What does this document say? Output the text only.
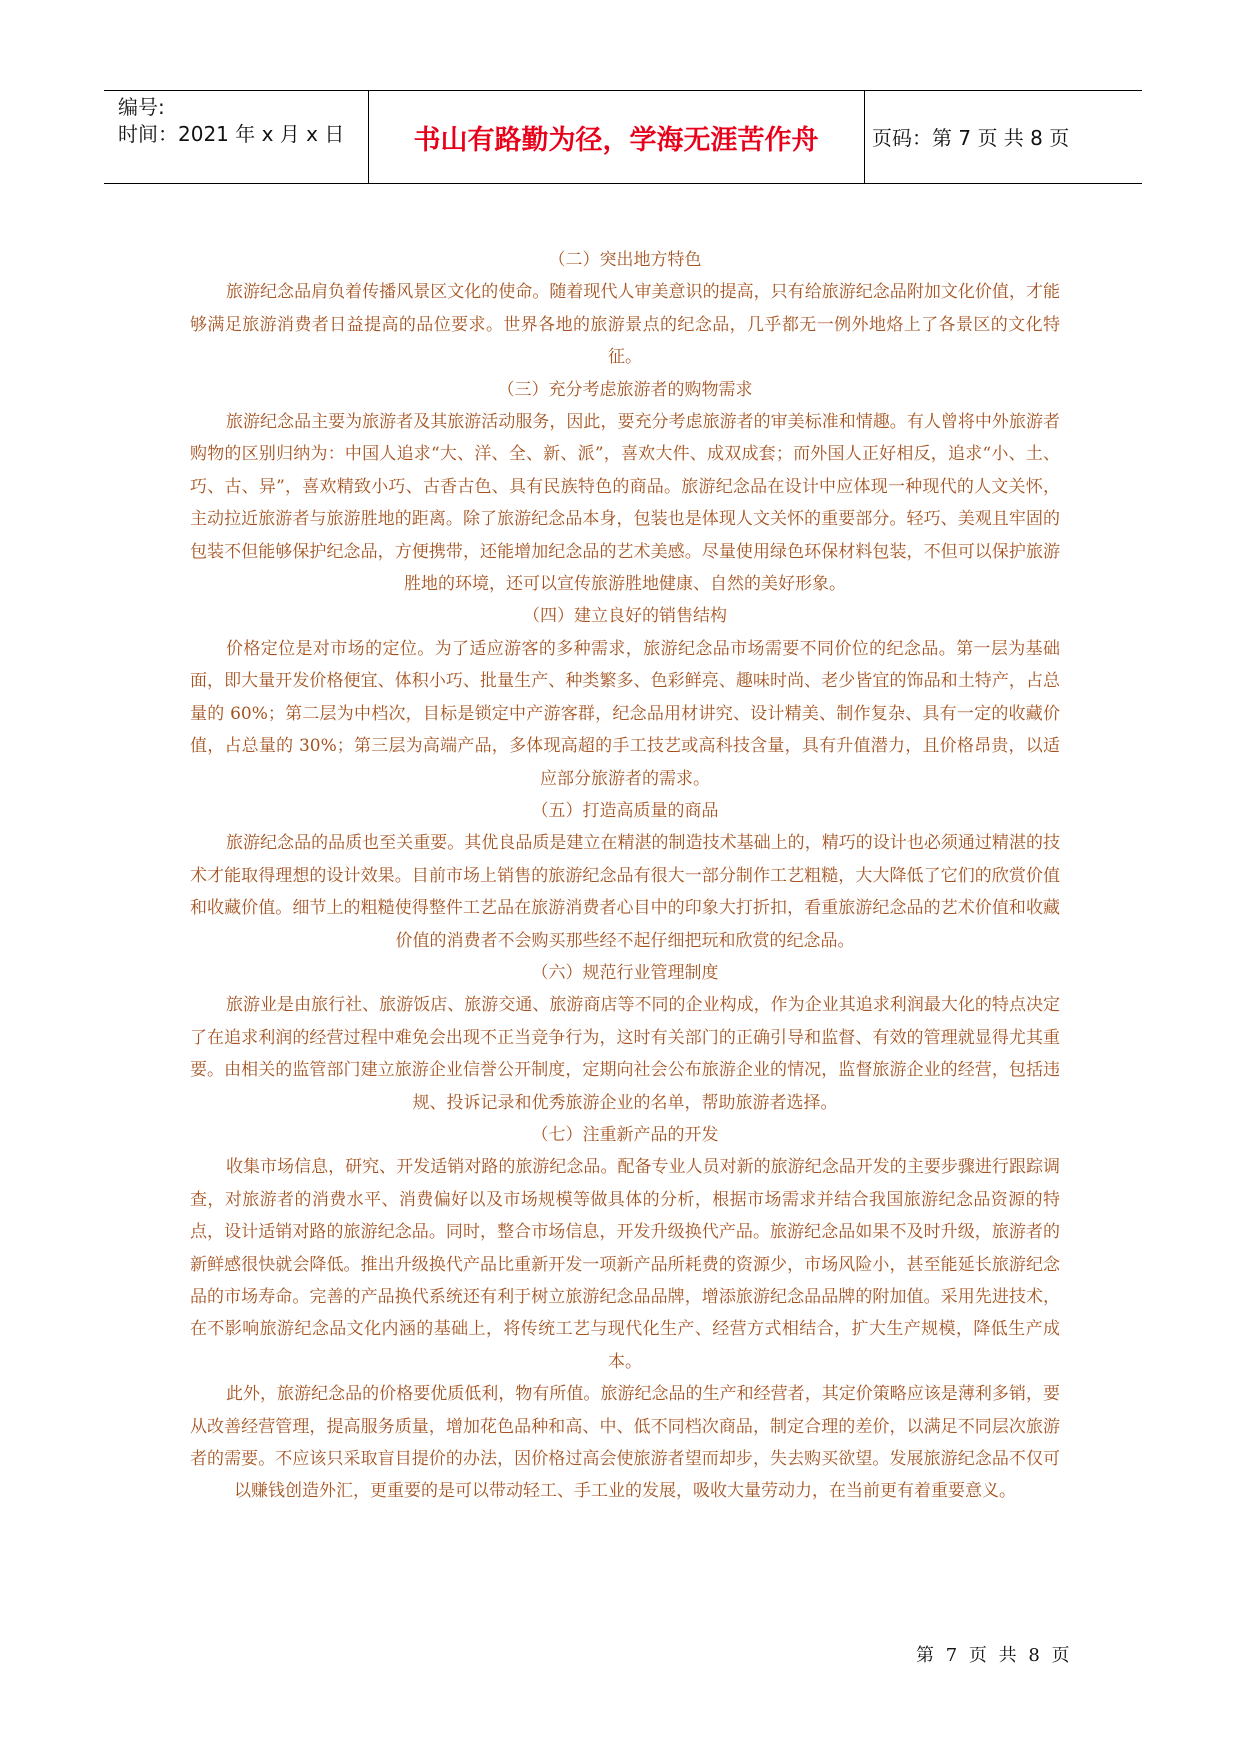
编号:
时间：2021 年 x 月 x 日	书山有路勤为径，学海无涯苦作舟	页码：第 7 页 共 8 页

（二）突出地方特色

旅游纪念品肩负着传播风景区文化的使命。随着现代人审美意识的提高，只有给旅游纪念品附加文化价值，才能够满足旅游消费者日益提高的品位要求。世界各地的旅游景点的纪念品，几乎都无一例外地烙上了各景区的文化特征。

（三）充分考虑旅游者的购物需求

旅游纪念品主要为旅游者及其旅游活动服务，因此，要充分考虑旅游者的审美标准和情趣。有人曾将中外旅游者购物的区别归纳为：中国人追求“大、洋、全、新、派”，喜欢大件、成双成套；而外国人正好相反，追求“小、土、巧、古、异”，喜欢精致小巧、古香古色、具有民族特色的商品。旅游纪念品在设计中应体现一种现代的人文关怀，主动拉近旅游者与旅游胜地的距离。除了旅游纪念品本身，包装也是体现人文关怀的重要部分。轻巧、美观且牢固的包装不但能够保护纪念品，方便携带，还能增加纪念品的艺术美感。尽量使用绿色环保材料包装，不但可以保护旅游胜地的环境，还可以宣传旅游胜地健康、自然的美好形象。

（四）建立良好的销售结构

价格定位是对市场的定位。为了适应游客的多种需求，旅游纪念品市场需要不同价位的纪念品。第一层为基础面，即大量开发价格便宜、体积小巧、批量生产、种类繁多、色彩鲜亮、趣味时尚、老少皆宜的饰品和土特产，占总量的 60%；第二层为中档次，目标是锁定中产游客群，纪念品用材讲究、设计精美、制作复杂、具有一定的收藏价值，占总量的 30%；第三层为高端产品，多体现高超的手工技艺或高科技含量，具有升值潜力，且价格昂贵，以适应部分旅游者的需求。

（五）打造高质量的商品

旅游纪念品的品质也至关重要。其优良品质是建立在精湛的制造技术基础上的，精巧的设计也必须通过精湛的技术才能取得理想的设计效果。目前市场上销售的旅游纪念品有很大一部分制作工艺粗糙，大大降低了它们的欣赏价值和收藏价值。细节上的粗糙使得整件工艺品在旅游消费者心目中的印象大打折扣，看重旅游纪念品的艺术价值和收藏价值的消费者不会购买那些经不起仔细把玩和欣赏的纪念品。

（六）规范行业管理制度

旅游业是由旅行社、旅游饭店、旅游交通、旅游商店等不同的企业构成，作为企业其追求利润最大化的特点决定了在追求利润的经营过程中难免会出现不正当竞争行为，这时有关部门的正确引导和监督、有效的管理就显得尤其重要。由相关的监管部门建立旅游企业信誉公开制度，定期向社会公布旅游企业的情况，监督旅游企业的经营，包括违规、投诉记录和优秀旅游企业的名单，帮助旅游者选择。

（七）注重新产品的开发

收集市场信息，研究、开发适销对路的旅游纪念品。配备专业人员对新的旅游纪念品开发的主要步骤进行跟踪调查，对旅游者的消费水平、消费偏好以及市场规模等做具体的分析，根据市场需求并结合我国旅游纪念品资源的特点，设计适销对路的旅游纪念品。同时，整合市场信息，开发升级换代产品。旅游纪念品如果不及时升级，旅游者的新鲜感很快就会降低。推出升级换代产品比重新开发一项新产品所耗费的资源少，市场风险小，甚至能延长旅游纪念品的市场寿命。完善的产品换代系统还有利于树立旅游纪念品品牌，增添旅游纪念品品牌的附加值。采用先进技术，在不影响旅游纪念品文化内涵的基础上，将传统工艺与现代化生产、经营方式相结合，扩大生产规模，降低生产成本。

此外，旅游纪念品的价格要优质低利，物有所值。旅游纪念品的生产和经营者，其定价策略应该是薄利多销，要从改善经营管理，提高服务质量，增加花色品种和高、中、低不同档次商品，制定合理的差价，以满足不同层次旅游者的需要。不应该只采取盲目提价的办法，因价格过高会使旅游者望而却步，失去购买欲望。发展旅游纪念品不仅可以赚钱创造外汇，更重要的是可以带动轻工、手工业的发展，吸收大量劳动力，在当前更有着重要意义。

第 7 页 共 8 页
